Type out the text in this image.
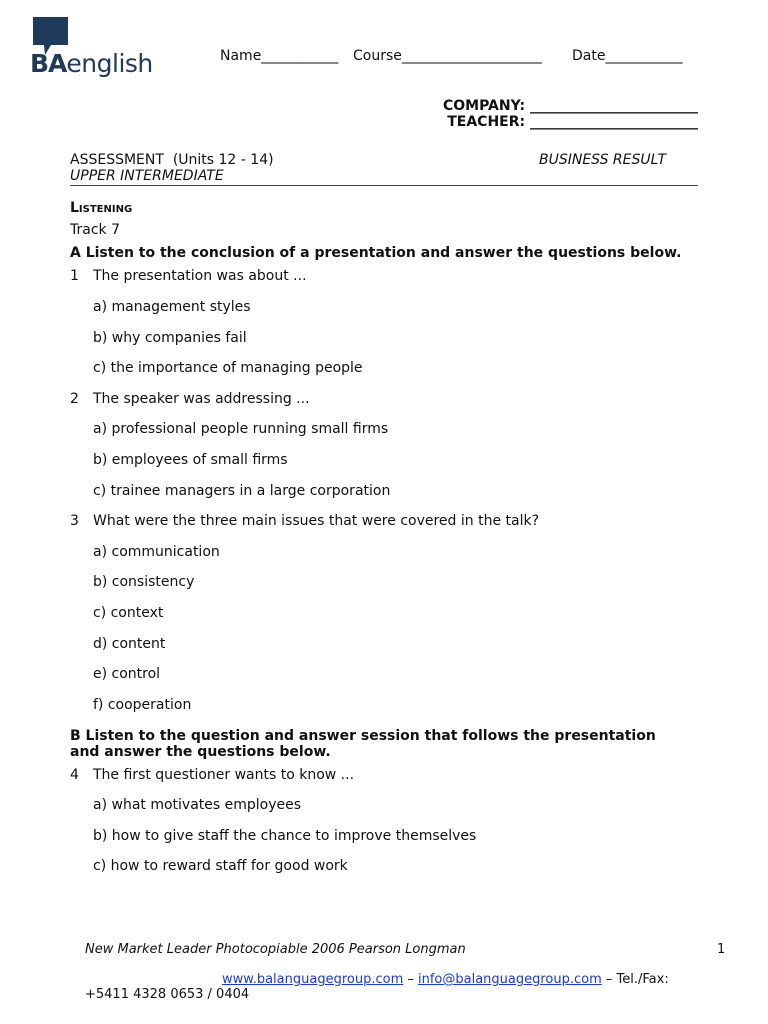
BAenglish	Name___________ Course____________________ Date___________
COMPANY: ________________________
TEACHER: ________________________
ASSESSMENT  (Units 12 - 14)
UPPER INTERMEDIATE
BUSINESS RESULT
Listening
Track 7
A Listen to the conclusion of a presentation and answer the questions below.
1 The presentation was about ...
a) management styles
b) why companies fail
c) the importance of managing people
2 The speaker was addressing ...
a) professional people running small firms
b) employees of small firms
c) trainee managers in a large corporation
3 What were the three main issues that were covered in the talk?
a) communication
b) consistency
c) context
d) content
e) control
f) cooperation
B Listen to the question and answer session that follows the presentation
and answer the questions below.
4 The first questioner wants to know ...
a) what motivates employees
b) how to give staff the chance to improve themselves
c) how to reward staff for good work
New Market Leader Photocopiable 2006 Pearson Longman	1
www.balanguagegroup.com – info@balanguagegroup.com – Tel./Fax:
+5411 4328 0653 / 0404
